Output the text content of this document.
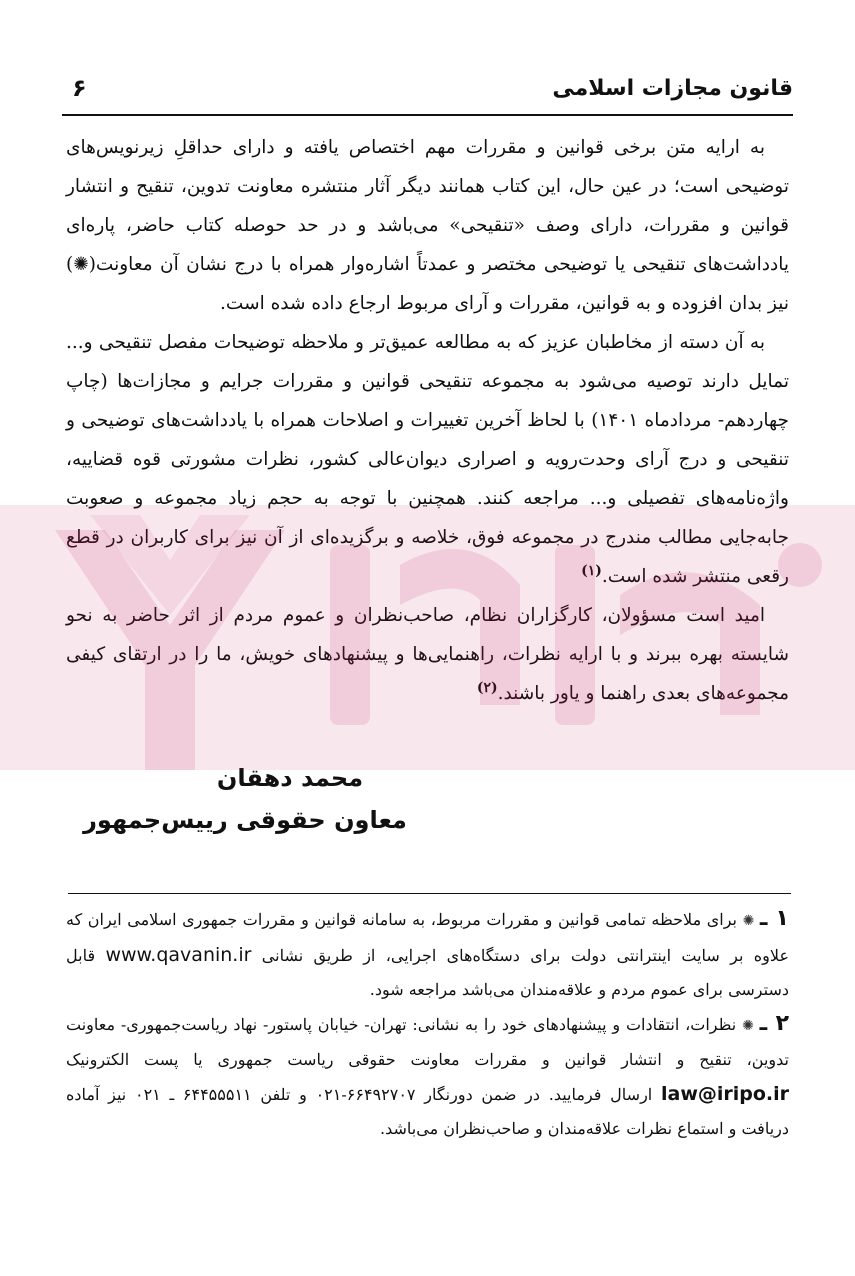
قانون مجازات اسلامی
۶

به ارایه متن برخی قوانین و مقررات مهم اختصاص یافته و دارای حداقلِ زیرنویس‌های توضیحی است؛ در عین حال، این کتاب همانند دیگر آثار منتشره معاونت تدوین، تنقیح و انتشار قوانین و مقررات، دارای وصف «تنقیحی» می‌باشد و در حد حوصله کتاب حاضر، پاره‌ای یادداشت‌های تنقیحی یا توضیحی مختصر و عمدتاً اشاره‌وار همراه با درج نشان آن معاونت(✺) نیز بدان افزوده و به قوانین، مقررات و آرای مربوط ارجاع داده شده است.

به آن دسته از مخاطبان عزیز که به مطالعه عمیق‌تر و ملاحظه توضیحات مفصل تنقیحی و... تمایل دارند توصیه می‌شود به مجموعه تنقیحی قوانین و مقررات جرایم و مجازات‌ها (چاپ چهاردهم- مردادماه ۱۴۰۱) با لحاظ آخرین تغییرات و اصلاحات همراه با یادداشت‌های توضیحی و تنقیحی و درج آرای وحدت‌رویه و اصراری دیوان‌عالی کشور، نظرات مشورتی قوه قضاییه، واژه‌نامه‌های تفصیلی و... مراجعه کنند. همچنین با توجه به حجم زیاد مجموعه و صعوبت جابه‌جایی مطالب مندرج در مجموعه فوق، خلاصه و برگزیده‌ای از آن نیز برای کاربران در قطع رقعی منتشر شده است.$^{(۱)}$

امید است مسؤولان، کارگزاران نظام، صاحب‌نظران و عموم مردم از اثر حاضر به نحو شایسته بهره ببرند و با ارایه نظرات، راهنمایی‌ها و پیشنهادهای خویش، ما را در ارتقای کیفی مجموعه‌های بعدی راهنما و یاور باشند.$^{(۲)}$

محمد دهقان
معاون حقوقی رییس‌جمهور

۱ ـ ✺ برای ملاحظه تمامی قوانین و مقررات مربوط، به سامانه قوانین و مقررات جمهوری اسلامی ایران که علاوه بر سایت اینترانتی دولت برای دستگاه‌های اجرایی، از طریق نشانی www.qavanin.ir قابل دسترسی برای عموم مردم و علاقه‌مندان می‌باشد مراجعه شود.

۲ ـ ✺ نظرات، انتقادات و پیشنهادهای خود را به نشانی: تهران- خیابان پاستور- نهاد ریاست‌جمهوری- معاونت تدوین، تنقیح و انتشار قوانین و مقررات معاونت حقوقی ریاست جمهوری یا پست الکترونیک law@iripo.ir ارسال فرمایید. در ضمن دورنگار ۶۶۴۹۲۷۰۷-۰۲۱ و تلفن ۶۴۴۵۵۵۱۱ ـ ۰۲۱ نیز آماده دریافت و استماع نظرات علاقه‌مندان و صاحب‌نظران می‌باشد.
